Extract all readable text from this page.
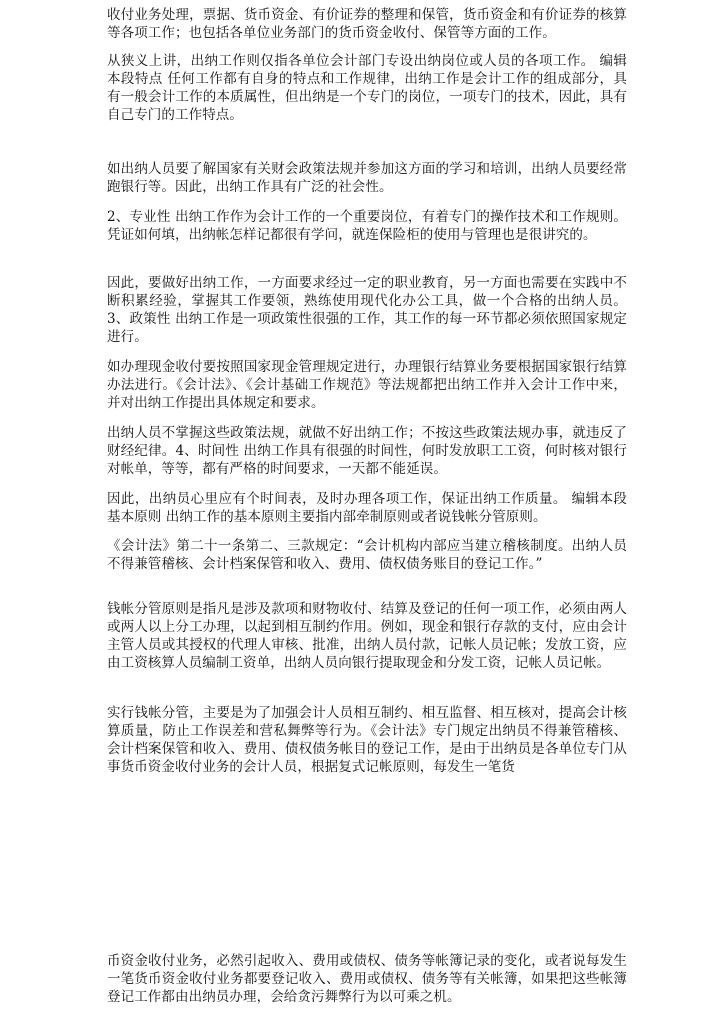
收付业务处理，票据、货币资金、有价证券的整理和保管，货币资金和有价证券的核算等各项工作；也包括各单位业务部门的货币资金收付、保管等方面的工作。

从狭义上讲，出纳工作则仅指各单位会计部门专设出纳岗位或人员的各项工作。 编辑本段特点 任何工作都有自身的特点和工作规律，出纳工作是会计工作的组成部分，具有一般会计工作的本质属性，但出纳是一个专门的岗位，一项专门的技术，因此，具有自己专门的工作特点。

如出纳人员要了解国家有关财会政策法规并参加这方面的学习和培训，出纳人员要经常跑银行等。因此，出纳工作具有广泛的社会性。

2、专业性 出纳工作作为会计工作的一个重要岗位，有着专门的操作技术和工作规则。凭证如何填，出纳帐怎样记都很有学问，就连保险柜的使用与管理也是很讲究的。

因此，要做好出纳工作，一方面要求经过一定的职业教育，另一方面也需要在实践中不断积累经验，掌握其工作要领，熟练使用现代化办公工具，做一个合格的出纳人员。3、政策性 出纳工作是一项政策性很强的工作，其工作的每一环节都必须依照国家规定进行。

如办理现金收付要按照国家现金管理规定进行，办理银行结算业务要根据国家银行结算办法进行。《会计法》、《会计基础工作规范》等法规都把出纳工作并入会计工作中来，并对出纳工作提出具体规定和要求。

出纳人员不掌握这些政策法规，就做不好出纳工作；不按这些政策法规办事，就违反了财经纪律。4、时间性 出纳工作具有很强的时间性，何时发放职工工资，何时核对银行对帐单，等等，都有严格的时间要求，一天都不能延误。

因此，出纳员心里应有个时间表，及时办理各项工作，保证出纳工作质量。 编辑本段基本原则 出纳工作的基本原则主要指内部牵制原则或者说钱帐分管原则。

《会计法》第二十一条第二、三款规定：“会计机构内部应当建立稽核制度。出纳人员不得兼管稽核、会计档案保管和收入、费用、债权债务账目的登记工作。”

钱帐分管原则是指凡是涉及款项和财物收付、结算及登记的任何一项工作，必须由两人或两人以上分工办理，以起到相互制约作用。例如，现金和银行存款的支付，应由会计主管人员或其授权的代理人审核、批准，出纳人员付款，记帐人员记帐；发放工资，应由工资核算人员编制工资单，出纳人员向银行提取现金和分发工资，记帐人员记帐。

实行钱帐分管，主要是为了加强会计人员相互制约、相互监督、相互核对，提高会计核算质量，防止工作误差和营私舞弊等行为。《会计法》专门规定出纳员不得兼管稽核、会计档案保管和收入、费用、债权债务帐目的登记工作，是由于出纳员是各单位专门从事货币资金收付业务的会计人员，根据复式记帐原则，每发生一笔货

币资金收付业务，必然引起收入、费用或债权、债务等帐簿记录的变化，或者说每发生一笔货币资金收付业务都要登记收入、费用或债权、债务等有关帐簿，如果把这些帐簿登记工作都由出纳员办理，会给贪污舞弊行为以可乘之机。
